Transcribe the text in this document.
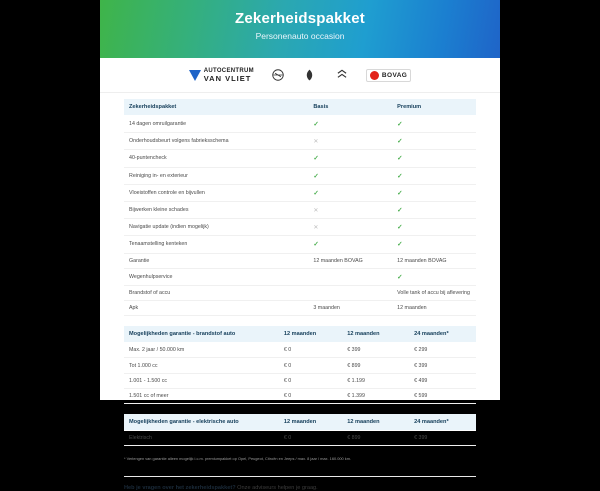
Zekerheidspakket
Personenauto occasion
AUTOCENTRUM
VAN VLIET	BOVAG
Zekerheidspakket	Basis	Premium
14 dagen omruilgarantie	✓	✓
Onderhoudsbeurt volgens fabrieksschema	✕	✓
40-puntencheck	✓	✓
Reiniging in- en exterieur	✓	✓
Vloeistoffen controle en bijvullen	✓	✓
Bijwerken kleine schades	✕	✓
Navigatie update (indien mogelijk)	✕	✓
Tenaamstelling kenteken	✓	✓
Garantie	12 maanden BOVAG	12 maanden BOVAG
Wegenhulpservice		✓
Brandstof of accu		Volle tank of accu bij aflevering
Apk	3 maanden	12 maanden
Mogelijkheden garantie - brandstof auto	12 maanden	12 maanden	24 maanden*
Max. 2 jaar / 50.000 km	€ 0	€ 399	€ 299
Tot 1.000 cc	€ 0	€ 899	€ 399
1.001 - 1.500 cc	€ 0	€ 1.199	€ 499
1.501 cc of meer	€ 0	€ 1.399	€ 599
Mogelijkheden garantie - elektrische auto	12 maanden	12 maanden	24 maanden*
Elektrisch	€ 0	€ 899	€ 399

* Verlengen van garantie alleen mogelijk i.c.m. premiumpakket op Opel, Peugeot, Citroën en Jeeps / max. 8 jaar / max. 160.000 km.

Heb je vragen over het zekerheidspakket? Onze adviseurs helpen je graag.
